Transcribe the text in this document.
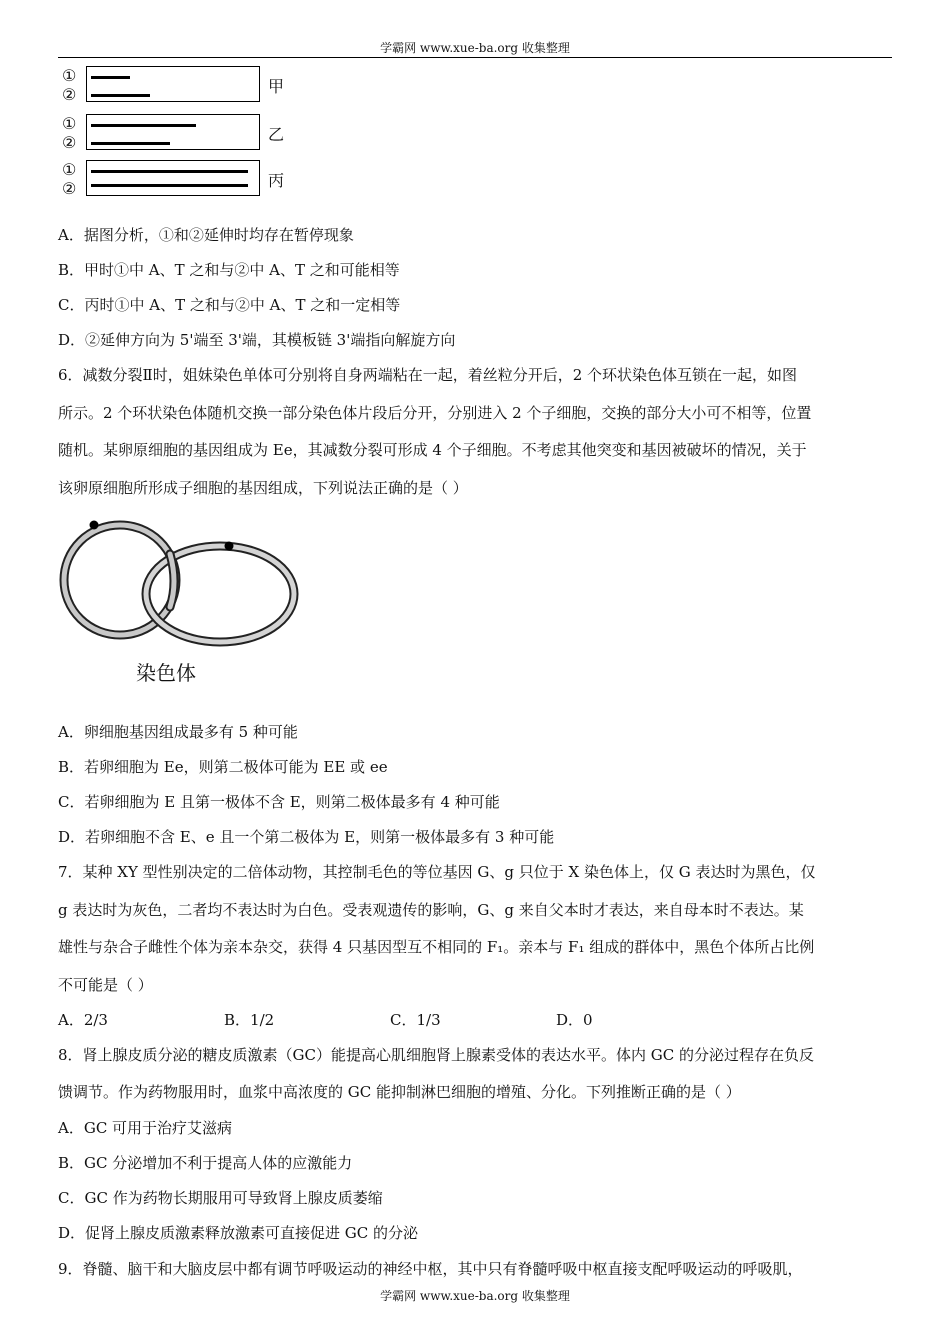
学霸网 www.xue-ba.org 收集整理
①
②	甲
①
②	乙
①
②	丙
A．据图分析，①和②延伸时均存在暂停现象
B．甲时①中 A、T 之和与②中 A、T 之和可能相等
C．丙时①中 A、T 之和与②中 A、T 之和一定相等
D．②延伸方向为 5'端至 3'端，其模板链 3'端指向解旋方向
6．减数分裂Ⅱ时，姐妹染色单体可分别将自身两端粘在一起，着丝粒分开后，2 个环状染色体互锁在一起，如图
所示。2 个环状染色体随机交换一部分染色体片段后分开，分别进入 2 个子细胞，交换的部分大小可不相等，位置
随机。某卵原细胞的基因组成为 Ee，其减数分裂可形成 4 个子细胞。不考虑其他突变和基因被破坏的情况，关于
该卵原细胞所形成子细胞的基因组成，下列说法正确的是（ ）
染色体
A．卵细胞基因组成最多有 5 种可能
B．若卵细胞为 Ee，则第二极体可能为 EE 或 ee
C．若卵细胞为 E 且第一极体不含 E，则第二极体最多有 4 种可能
D．若卵细胞不含 E、e 且一个第二极体为 E，则第一极体最多有 3 种可能
7．某种 XY 型性别决定的二倍体动物，其控制毛色的等位基因 G、g 只位于 X 染色体上，仅 G 表达时为黑色，仅
g 表达时为灰色，二者均不表达时为白色。受表观遗传的影响，G、g 来自父本时才表达，来自母本时不表达。某
雄性与杂合子雌性个体为亲本杂交，获得 4 只基因型互不相同的 F₁。亲本与 F₁ 组成的群体中，黑色个体所占比例
不可能是（ ）
A．2/3	B．1/2	C．1/3	D．0
8．肾上腺皮质分泌的糖皮质激素（GC）能提高心肌细胞肾上腺素受体的表达水平。体内 GC 的分泌过程存在负反
馈调节。作为药物服用时，血浆中高浓度的 GC 能抑制淋巴细胞的增殖、分化。下列推断正确的是（ ）
A．GC 可用于治疗艾滋病
B．GC 分泌增加不利于提高人体的应激能力
C．GC 作为药物长期服用可导致肾上腺皮质萎缩
D．促肾上腺皮质激素释放激素可直接促进 GC 的分泌
9．脊髓、脑干和大脑皮层中都有调节呼吸运动的神经中枢，其中只有脊髓呼吸中枢直接支配呼吸运动的呼吸肌，
学霸网 www.xue-ba.org 收集整理
